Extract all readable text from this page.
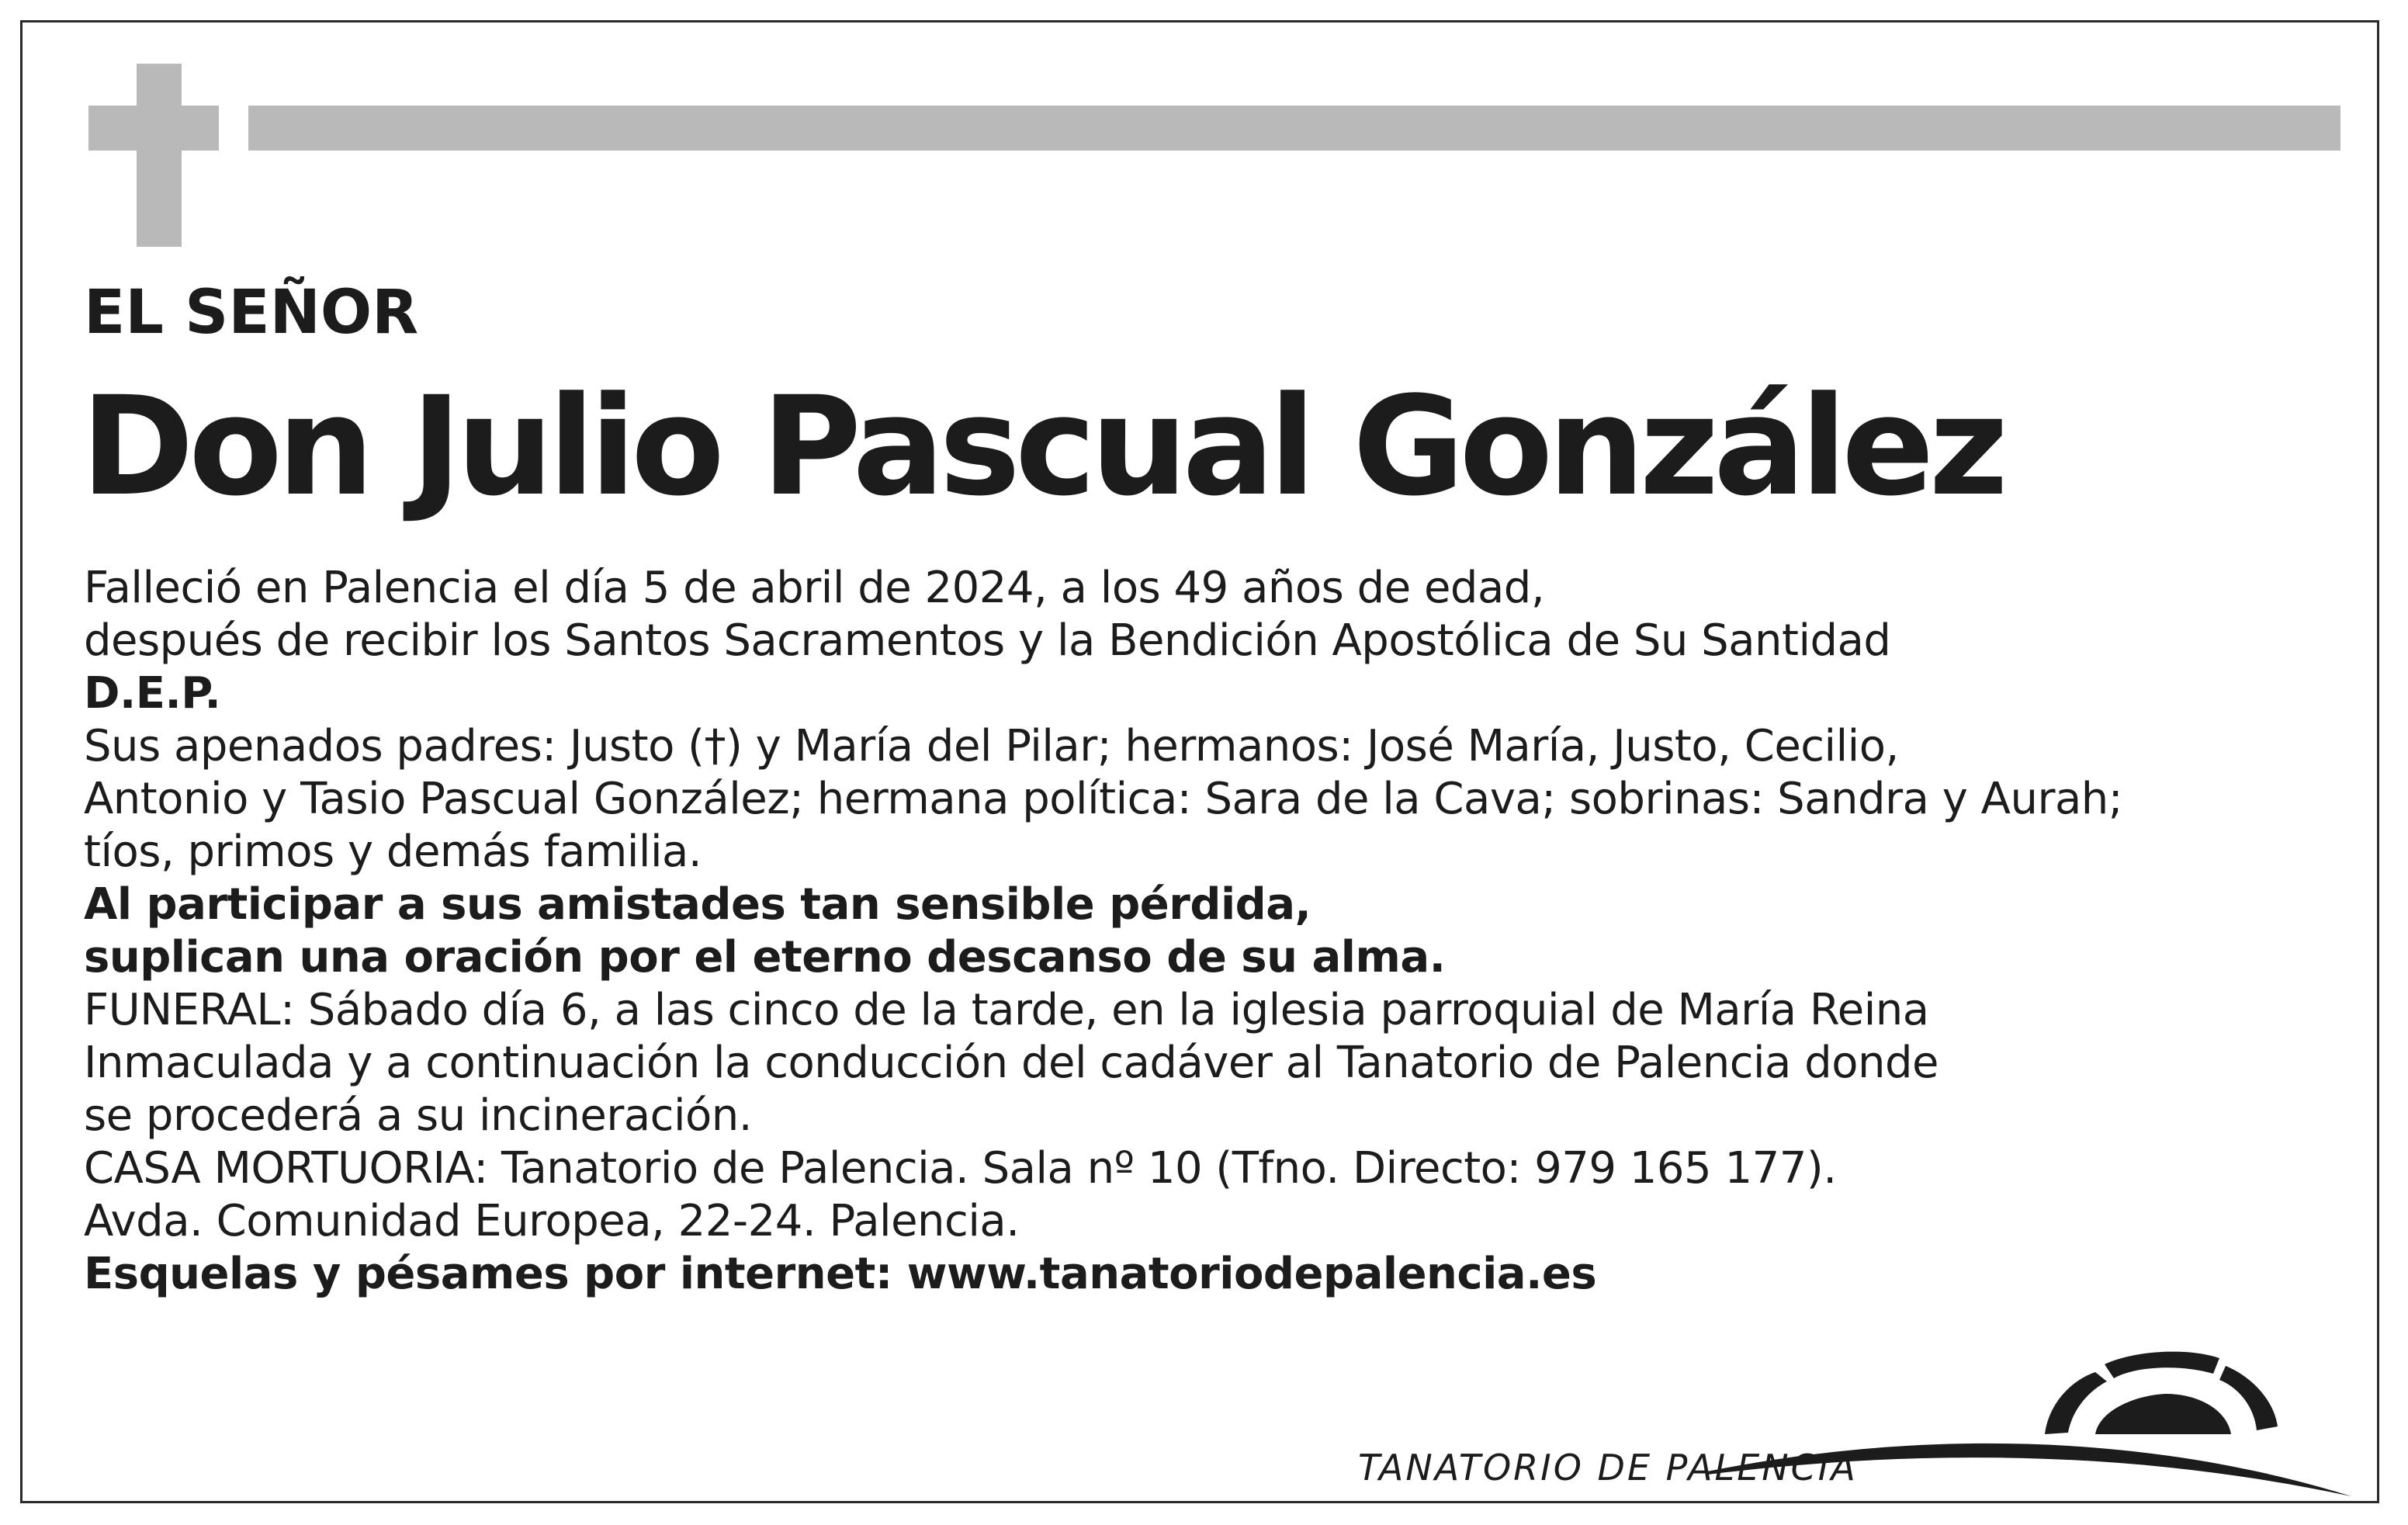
EL SEÑOR
Don Julio Pascual González
Falleció en Palencia el día 5 de abril de 2024, a los 49 años de edad,
después de recibir los Santos Sacramentos y la Bendición Apostólica de Su Santidad
D.E.P.
Sus apenados padres: Justo (†) y María del Pilar; hermanos: José María, Justo, Cecilio,
Antonio y Tasio Pascual González; hermana política: Sara de la Cava; sobrinas: Sandra y Aurah;
tíos, primos y demás familia.
Al participar a sus amistades tan sensible pérdida,
suplican una oración por el eterno descanso de su alma.
FUNERAL: Sábado día 6, a las cinco de la tarde, en la iglesia parroquial de María Reina
Inmaculada y a continuación la conducción del cadáver al Tanatorio de Palencia donde
se procederá a su incineración.
CASA MORTUORIA: Tanatorio de Palencia. Sala nº 10 (Tfno. Directo: 979 165 177).
Avda. Comunidad Europea, 22-24. Palencia.
Esquelas y pésames por internet: www.tanatoriodepalencia.es
TANATORIO DE PALENCIA
